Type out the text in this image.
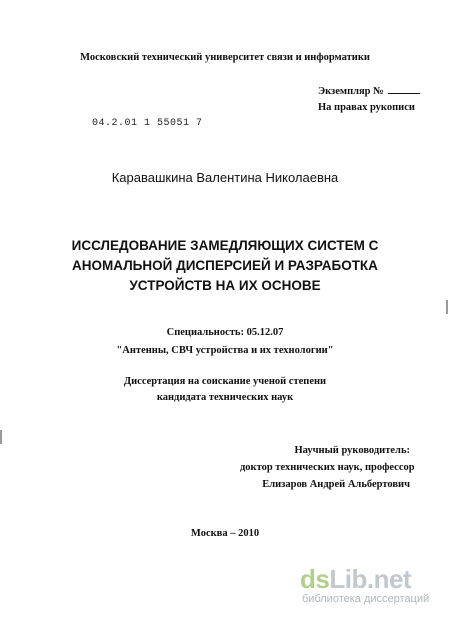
Московский технический университет связи и информатики
Экземпляр №
На правах рукописи
04.2.01 1 55051 7
Каравашкина Валентина Николаевна
ИССЛЕДОВАНИЕ ЗАМЕДЛЯЮЩИХ СИСТЕМ С
АНОМАЛЬНОЙ ДИСПЕРСИЕЙ И РАЗРАБОТКА
УСТРОЙСТВ НА ИХ ОСНОВЕ
Специальность: 05.12.07
"Антенны, СВЧ устройства и их технологии"
Диссертация на соискание ученой степени
кандидата технических наук
Научный руководитель:
доктор технических наук, профессор
Елизаров Андрей Альбертович
Москва – 2010
dsLib.net
библиотека диссертаций
